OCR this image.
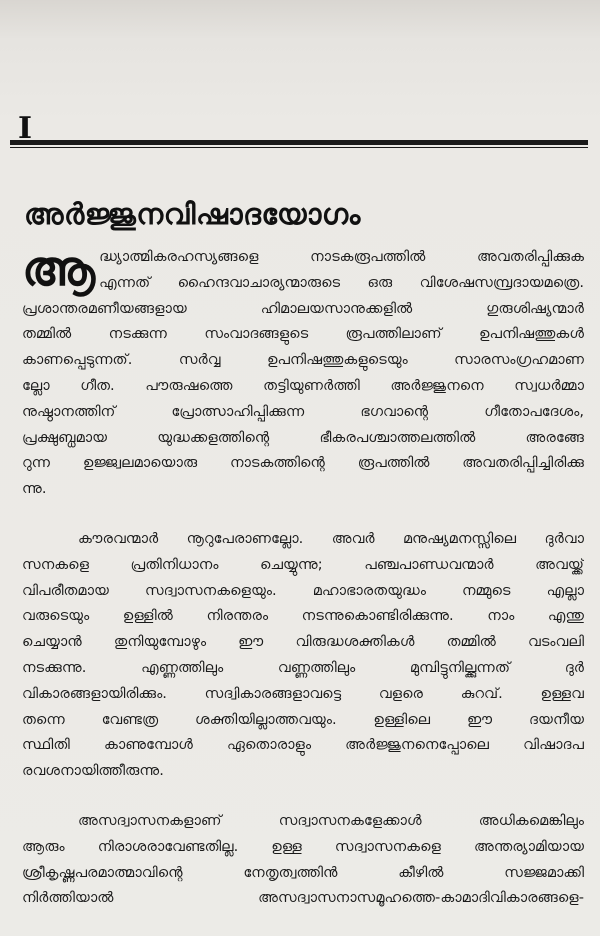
I
അർജ്ജുനവിഷാദയോഗം
ആ ദ്ധ്യാത്മികരഹസ്യങ്ങളെ നാടകരൂപത്തിൽ അവതരിപ്പിക്കുക
എന്നത് ഹൈന്ദവാചാര്യന്മാരുടെ ഒരു വിശേഷസമ്പ്രദായമത്രെ.
പ്രശാന്തരമണീയങ്ങളായ ഹിമാലയസാനുക്കളിൽ ഗുരുശിഷ്യന്മാർ
തമ്മിൽ നടക്കുന്ന സംവാദങ്ങളുടെ രൂപത്തിലാണ് ഉപനിഷത്തുകൾ
കാണപ്പെടുന്നത്. സർവ്വ ഉപനിഷത്തുകളുടെയും സാരസംഗ്രഹമാണ
ല്ലോ ഗീത. പൗരുഷത്തെ തട്ടിയുണർത്തി അർജ്ജുനനെ സ്വധർമ്മാ
നുഷ്ഠാനത്തിന് പ്രോത്സാഹിപ്പിക്കുന്ന ഭഗവാന്റെ ഗീതോപദേശം,
പ്രക്ഷുബ്ധമായ യുദ്ധക്കളത്തിന്റെ ഭീകരപശ്ചാത്തലത്തിൽ അരങ്ങേ
റുന്ന ഉജ്ജ്വലമായൊരു നാടകത്തിന്റെ രൂപത്തിൽ അവതരിപ്പിച്ചിരിക്കു
ന്നു.
കൗരവന്മാർ നൂറുപേരാണല്ലോ. അവർ മനുഷ്യമനസ്സിലെ ദുർവാ
സനകളെ പ്രതിനിധാനം ചെയ്യുന്നു; പഞ്ചപാണ്ഡവന്മാർ അവയ്ക്ക്
വിപരീതമായ സദ്വാസനകളെയും. മഹാഭാരതയുദ്ധം നമ്മുടെ എല്ലാ
വരുടെയും ഉള്ളിൽ നിരന്തരം നടന്നുകൊണ്ടിരിക്കുന്നു. നാം എന്തു
ചെയ്യാൻ തുനിയുമ്പോഴും ഈ വിരുദ്ധശക്തികൾ തമ്മിൽ വടംവലി
നടക്കുന്നു. എണ്ണത്തിലും വണ്ണത്തിലും മുമ്പിട്ടുനില്ക്കുന്നത് ദുർ
വികാരങ്ങളായിരിക്കും. സദ്വികാരങ്ങളാവട്ടെ വളരെ കുറവ്. ഉള്ളവ
തന്നെ വേണ്ടത്ര ശക്തിയില്ലാത്തവയും. ഉള്ളിലെ ഈ ദയനീയ
സ്ഥിതി കാണുമ്പോൾ ഏതൊരാളും അർജ്ജുനനെപ്പോലെ വിഷാദപ
രവശനായിത്തീരുന്നു.
അസദ്വാസനകളാണ് സദ്വാസനകളേക്കാൾ അധികമെങ്കിലും
ആരും നിരാശരാവേണ്ടതില്ല. ഉള്ള സദ്വാസനകളെ അന്തര്യാമിയായ
ശ്രീകൃഷ്ണപരമാത്മാവിന്റെ നേതൃത്വത്തിൻ കീഴിൽ സജ്ജമാക്കി
നിർത്തിയാൽ അസദ്വാസനാസമൂഹത്തെ-കാമാദിവികാരങ്ങളെ-
